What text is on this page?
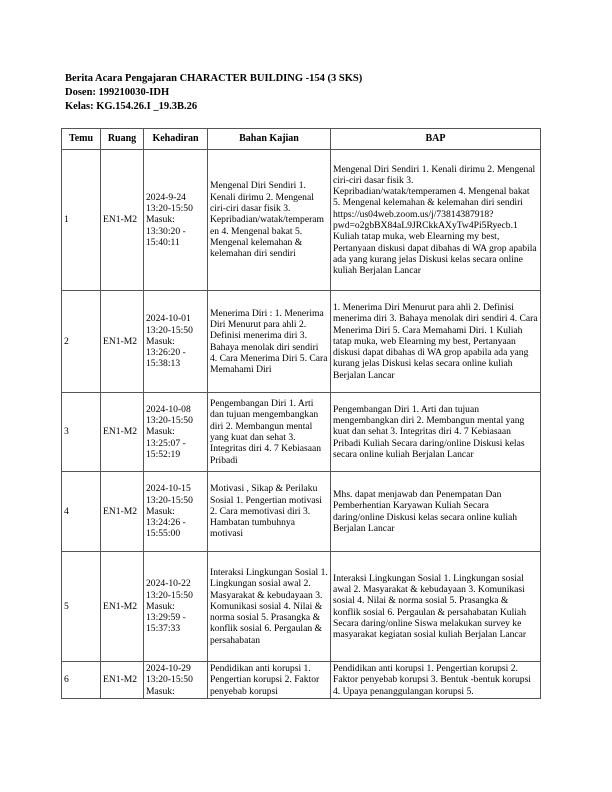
Berita Acara Pengajaran CHARACTER BUILDING -154 (3 SKS)
Dosen: 199210030-IDH
Kelas: KG.154.26.I _19.3B.26
Temu	Ruang	Kehadiran	Bahan Kajian	BAP
1	EN1-M2	2024-9-24 13:20-15:50 Masuk: 13:30:20 - 15:40:11	Mengenal Diri Sendiri 1. Kenali dirimu 2. Mengenal ciri-ciri dasar fisik 3. Kepribadian/watak/temperamen 4. Mengenal bakat 5. Mengenal kelemahan & kelemahan diri sendiri	Mengenal Diri Sendiri 1. Kenali dirimu 2. Mengenal ciri-ciri dasar fisik 3. Kepribadian/watak/temperamen 4. Mengenal bakat 5. Mengenal kelemahan & kelemahan diri sendiri https://us04web.zoom.us/j/73814387918?pwd=o2gbBX84aL9JRCkkAXyTw4Pi5Ryecb.1 Kuliah tatap muka, web Elearning my best, Pertanyaan diskusi dapat dibahas di WA grop apabila ada yang kurang jelas Diskusi kelas secara online kuliah Berjalan Lancar
2	EN1-M2	2024-10-01 13:20-15:50 Masuk: 13:26:20 - 15:38:13	Menerima Diri : 1. Menerima Diri Menurut para ahli 2. Definisi menerima diri 3. Bahaya menolak diri sendiri 4. Cara Menerima Diri 5. Cara Memahami Diri	1. Menerima Diri Menurut para ahli 2. Definisi menerima diri 3. Bahaya menolak diri sendiri 4. Cara Menerima Diri 5. Cara Memahami Diri. 1 Kuliah tatap muka, web Elearning my best, Pertanyaan diskusi dapat dibahas di WA grop apabila ada yang kurang jelas Diskusi kelas secara online kuliah Berjalan Lancar
3	EN1-M2	2024-10-08 13:20-15:50 Masuk: 13:25:07 - 15:52:19	Pengembangan Diri 1. Arti dan tujuan mengembangkan diri 2. Membangun mental yang kuat dan sehat 3. Integritas diri 4. 7 Kebiasaan Pribadi	Pengembangan Diri 1. Arti dan tujuan mengembangkan diri 2. Membangun mental yang kuat dan sehat 3. Integritas diri 4. 7 Kebiasaan Pribadi Kuliah Secara daring/online Diskusi kelas secara online kuliah Berjalan Lancar
4	EN1-M2	2024-10-15 13:20-15:50 Masuk: 13:24:26 - 15:55:00	Motivasi , Sikap & Perilaku Sosial 1. Pengertian motivasi 2. Cara memotivasi diri 3. Hambatan tumbuhnya motivasi	Mhs. dapat menjawab dan Penempatan Dan Pemberhentian Karyawan Kuliah Secara daring/online Diskusi kelas secara online kuliah Berjalan Lancar
5	EN1-M2	2024-10-22 13:20-15:50 Masuk: 13:29:59 - 15:37:33	Interaksi Lingkungan Sosial 1. Lingkungan sosial awal 2. Masyarakat & kebudayaan 3. Komunikasi sosial 4. Nilai & norma sosial 5. Prasangka & konflik sosial 6. Pergaulan & persahabatan	Interaksi Lingkungan Sosial 1. Lingkungan sosial awal 2. Masyarakat & kebudayaan 3. Komunikasi sosial 4. Nilai & norma sosial 5. Prasangka & konflik sosial 6. Pergaulan & persahabatan Kuliah Secara daring/online Siswa melakukan survey ke masyarakat kegiatan sosial kuliah Berjalan Lancar
6	EN1-M2	2024-10-29 13:20-15:50 Masuk:	Pendidikan anti korupsi 1. Pengertian korupsi 2. Faktor penyebab korupsi	Pendidikan anti korupsi 1. Pengertian korupsi 2. Faktor penyebab korupsi 3. Bentuk -bentuk korupsi 4. Upaya penanggulangan korupsi 5.
